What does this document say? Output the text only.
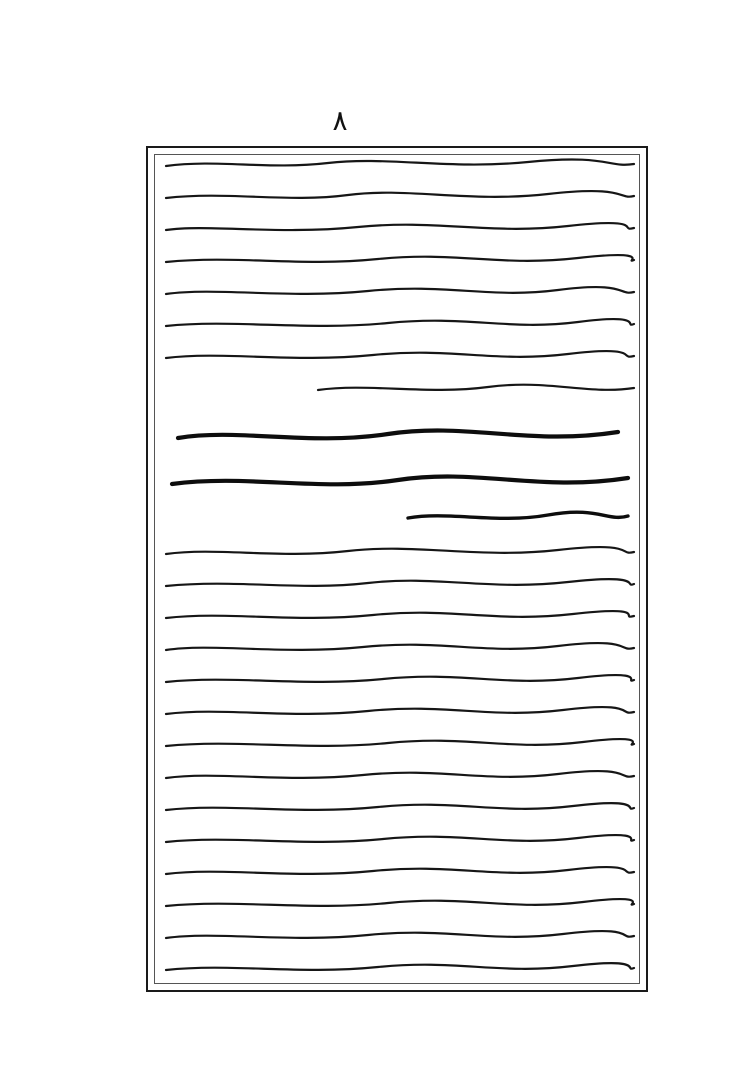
٨
